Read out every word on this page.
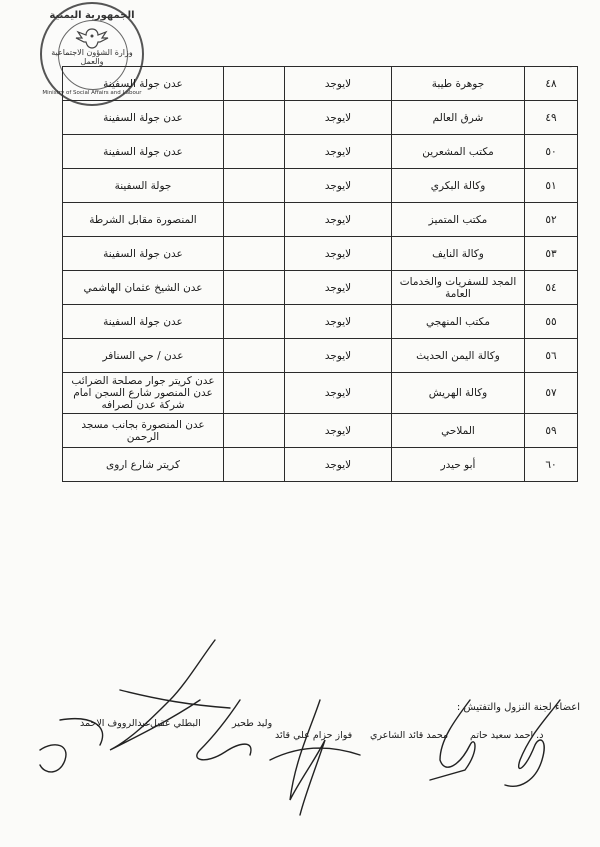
الجمهورية اليمنية
وزارة الشؤون الاجتماعية والعمل
Ministry of Social Affairs and Labour
-
٤٨	جوهرة طيبة	لايوجد		عدن جولة السفينة
٤٩	شرق العالم	لايوجد		عدن جولة السفينة
٥٠	مكتب المشعرين	لايوجد		عدن جولة السفينة
٥١	وكالة البكري	لايوجد		جولة السفينة
٥٢	مكتب المتميز	لايوجد		المنصورة مقابل الشرطة
٥٣	وكالة النايف	لايوجد		عدن جولة السفينة
٥٤	المجد للسفريات والخدمات العامة	لايوجد		عدن الشيخ عثمان الهاشمي
٥٥	مكتب المنهجي	لايوجد		عدن جولة السفينة
٥٦	وكالة اليمن الحديث	لايوجد		عدن / حي السنافر
٥٧	وكالة الهريش	لايوجد		عدن كريتر جوار مصلحة الضرائب
عدن المنصور شارع السجن امام شركة عدن لصرافه

٥٩	الملاحي	لايوجد		عدن المنصورة بجانب مسجد الرحمن
٦٠	أبو حيدر	لايوجد		كريتر شارع اروى
اعضاء لجنة النزول والتفتيش :
د. احمد سعيد حاتم
محمد قائد الشاعري
فواز حزام علي قائد
وليد طحير
البطلي عقيل
عبدالرووف الاحمد
